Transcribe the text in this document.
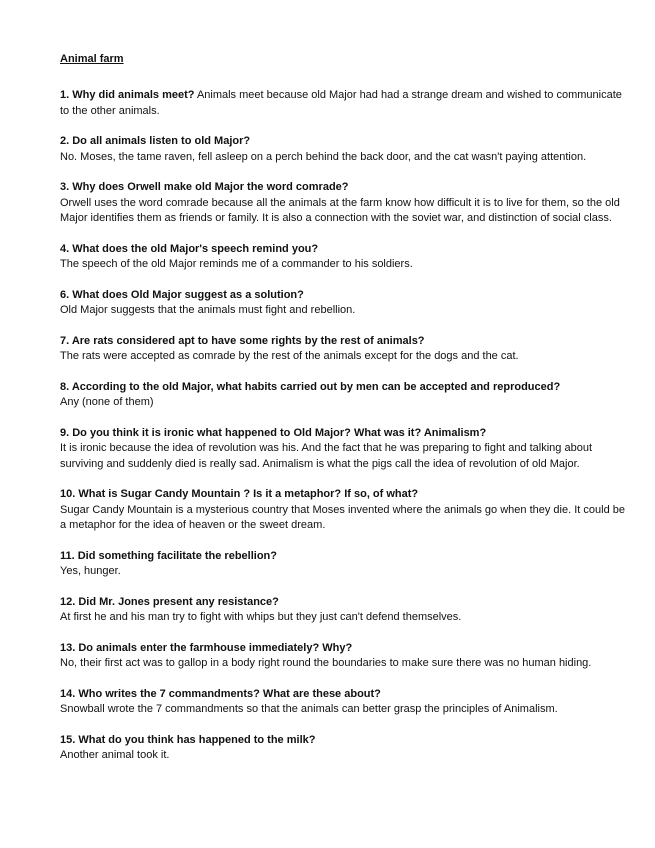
Animal farm
1. Why did animals meet? Animals meet because old Major had had a strange dream and wished to communicate to the other animals.
2. Do all animals listen to old Major?
No. Moses, the tame raven, fell asleep on a perch behind the back door, and the cat wasn't paying attention.
3. Why does Orwell make old Major the word comrade?
Orwell uses the word comrade because all the animals at the farm know how difficult it is to live for them, so the old Major identifies them as friends or family. It is also a connection with the soviet war, and distinction of social class.
4. What does the old Major's speech remind you?
The speech of the old Major reminds me of a commander to his soldiers.
6. What does Old Major suggest as a solution?
Old Major suggests that the animals must fight and rebellion.
7. Are rats considered apt to have some rights by the rest of animals?
The rats were accepted as comrade by the rest of the animals except for the dogs and the cat.
8. According to the old Major, what habits carried out by men can be accepted and reproduced?
Any (none of them)
9. Do you think it is ironic what happened to Old Major? What was it? Animalism?
It is ironic because the idea of revolution was his. And the fact that he was preparing to fight and talking about surviving and suddenly died is really sad. Animalism is what the pigs call the idea of revolution of old Major.
10. What is Sugar Candy Mountain ? Is it a metaphor? If so, of what?
Sugar Candy Mountain is a mysterious country that Moses invented where the animals go when they die. It could be a metaphor for the idea of heaven or the sweet dream.
11. Did something facilitate the rebellion?
Yes, hunger.
12. Did Mr. Jones present any resistance?
At first he and his man try to fight with whips but they just can't defend themselves.
13. Do animals enter the farmhouse immediately? Why?
No, their first act was to gallop in a body right round the boundaries to make sure there was no human hiding.
14. Who writes the 7 commandments? What are these about?
Snowball wrote the 7 commandments so that the animals can better grasp the principles of Animalism.
15. What do you think has happened to the milk?
Another animal took it.
